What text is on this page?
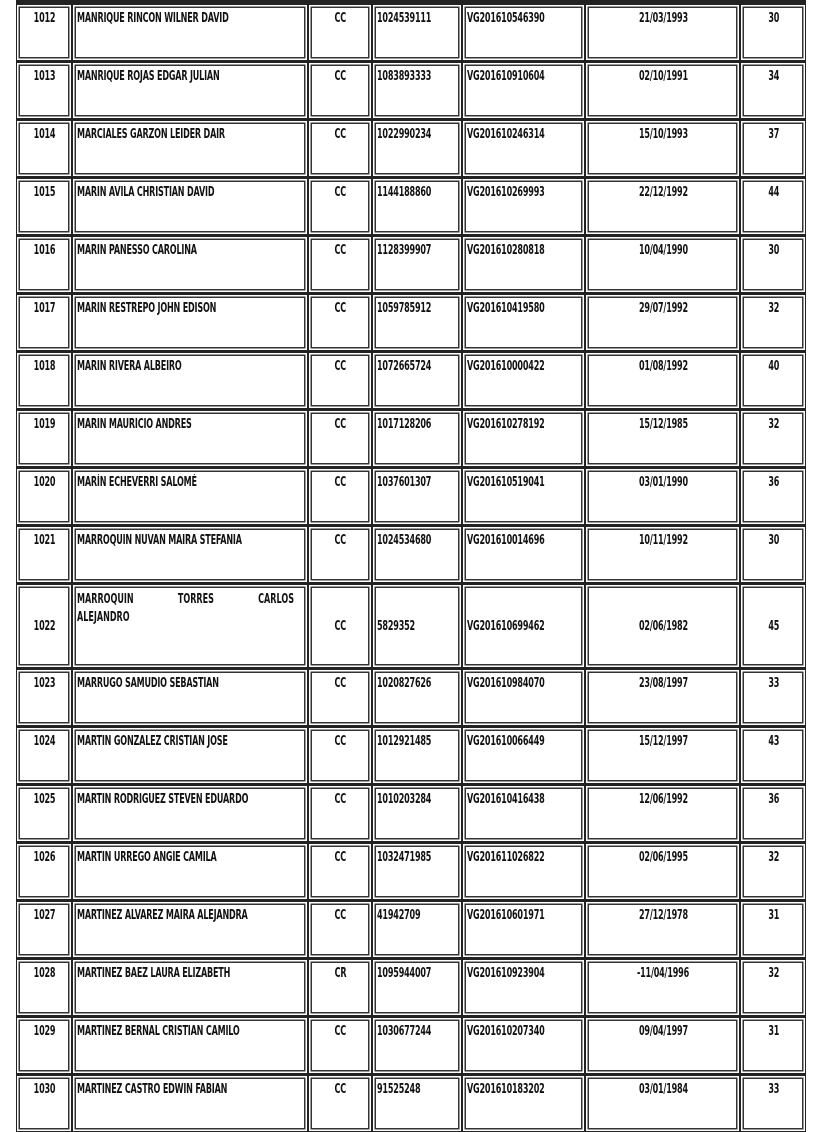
1012	MANRIQUE RINCON WILNER DAVID	CC	1024539111	VG201610546390	21/03/1993	30
1013	MANRIQUE ROJAS EDGAR JULIAN	CC	1083893333	VG201610910604	02/10/1991	34
1014	MARCIALES GARZON LEIDER DAIR	CC	1022990234	VG201610246314	15/10/1993	37
1015	MARIN AVILA CHRISTIAN DAVID	CC	1144188860	VG201610269993	22/12/1992	44
1016	MARIN PANESSO CAROLINA	CC	1128399907	VG201610280818	10/04/1990	30
1017	MARIN RESTREPO JOHN EDISON	CC	1059785912	VG201610419580	29/07/1992	32
1018	MARIN RIVERA ALBEIRO	CC	1072665724	VG201610000422	01/08/1992	40
1019	MARIN MAURICIO ANDRES	CC	1017128206	VG201610278192	15/12/1985	32
1020	MARÍN ECHEVERRI SALOMÉ	CC	1037601307	VG201610519041	03/01/1990	36
1021	MARROQUIN NUVAN MAIRA STEFANIA	CC	1024534680	VG201610014696	10/11/1992	30
1022	MARROQUIN TORRES CARLOS
ALEJANDRO	CC	5829352	VG201610699462	02/06/1982	45
1023	MARRUGO SAMUDIO SEBASTIAN	CC	1020827626	VG201610984070	23/08/1997	33
1024	MARTIN GONZALEZ CRISTIAN JOSE	CC	1012921485	VG201610066449	15/12/1997	43
1025	MARTIN RODRIGUEZ STEVEN EDUARDO	CC	1010203284	VG201610416438	12/06/1992	36
1026	MARTIN URREGO ANGIE CAMILA	CC	1032471985	VG201611026822	02/06/1995	32
1027	MARTINEZ ALVAREZ MAIRA ALEJANDRA	CC	41942709	VG201610601971	27/12/1978	31
1028	MARTINEZ BAEZ LAURA ELIZABETH	CR	1095944007	VG201610923904	-11/04/1996	32
1029	MARTINEZ BERNAL CRISTIAN CAMILO	CC	1030677244	VG201610207340	09/04/1997	31
1030	MARTINEZ CASTRO EDWIN FABIAN	CC	91525248	VG201610183202	03/01/1984	33
